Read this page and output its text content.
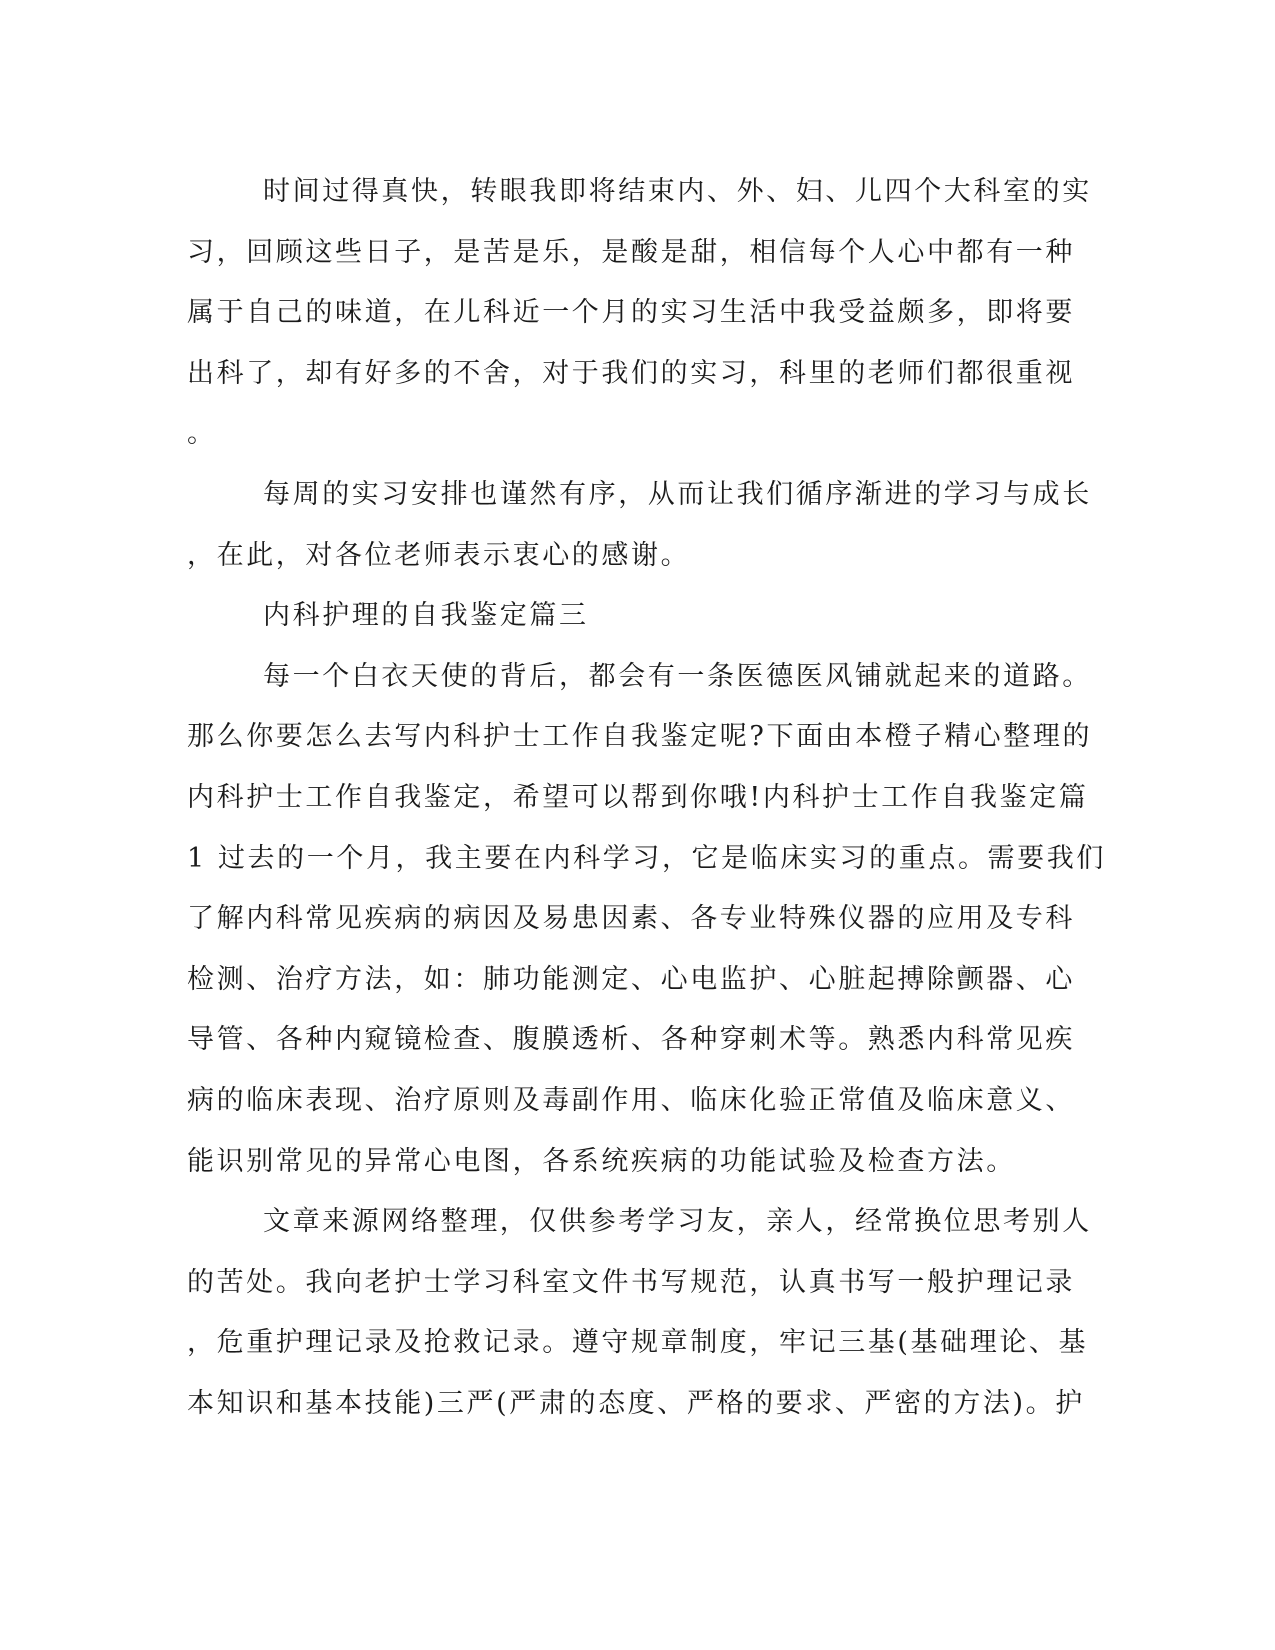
时间过得真快，转眼我即将结束内、外、妇、儿四个大科室的实
习，回顾这些日子，是苦是乐，是酸是甜，相信每个人心中都有一种
属于自己的味道，在儿科近一个月的实习生活中我受益颇多，即将要
出科了，却有好多的不舍，对于我们的实习，科里的老师们都很重视
。
每周的实习安排也谨然有序，从而让我们循序渐进的学习与成长
，在此，对各位老师表示衷心的感谢。
内科护理的自我鉴定篇三
每一个白衣天使的背后，都会有一条医德医风铺就起来的道路。
那么你要怎么去写内科护士工作自我鉴定呢?下面由本橙子精心整理的
内科护士工作自我鉴定，希望可以帮到你哦!内科护士工作自我鉴定篇
1 过去的一个月，我主要在内科学习，它是临床实习的重点。需要我们
了解内科常见疾病的病因及易患因素、各专业特殊仪器的应用及专科
检测、治疗方法，如：肺功能测定、心电监护、心脏起搏除颤器、心
导管、各种内窥镜检查、腹膜透析、各种穿刺术等。熟悉内科常见疾
病的临床表现、治疗原则及毒副作用、临床化验正常值及临床意义、
能识别常见的异常心电图，各系统疾病的功能试验及检查方法。
文章来源网络整理，仅供参考学习友，亲人，经常换位思考别人
的苦处。我向老护士学习科室文件书写规范，认真书写一般护理记录
，危重护理记录及抢救记录。遵守规章制度，牢记三基(基础理论、基
本知识和基本技能)三严(严肃的态度、严格的要求、严密的方法)。护
